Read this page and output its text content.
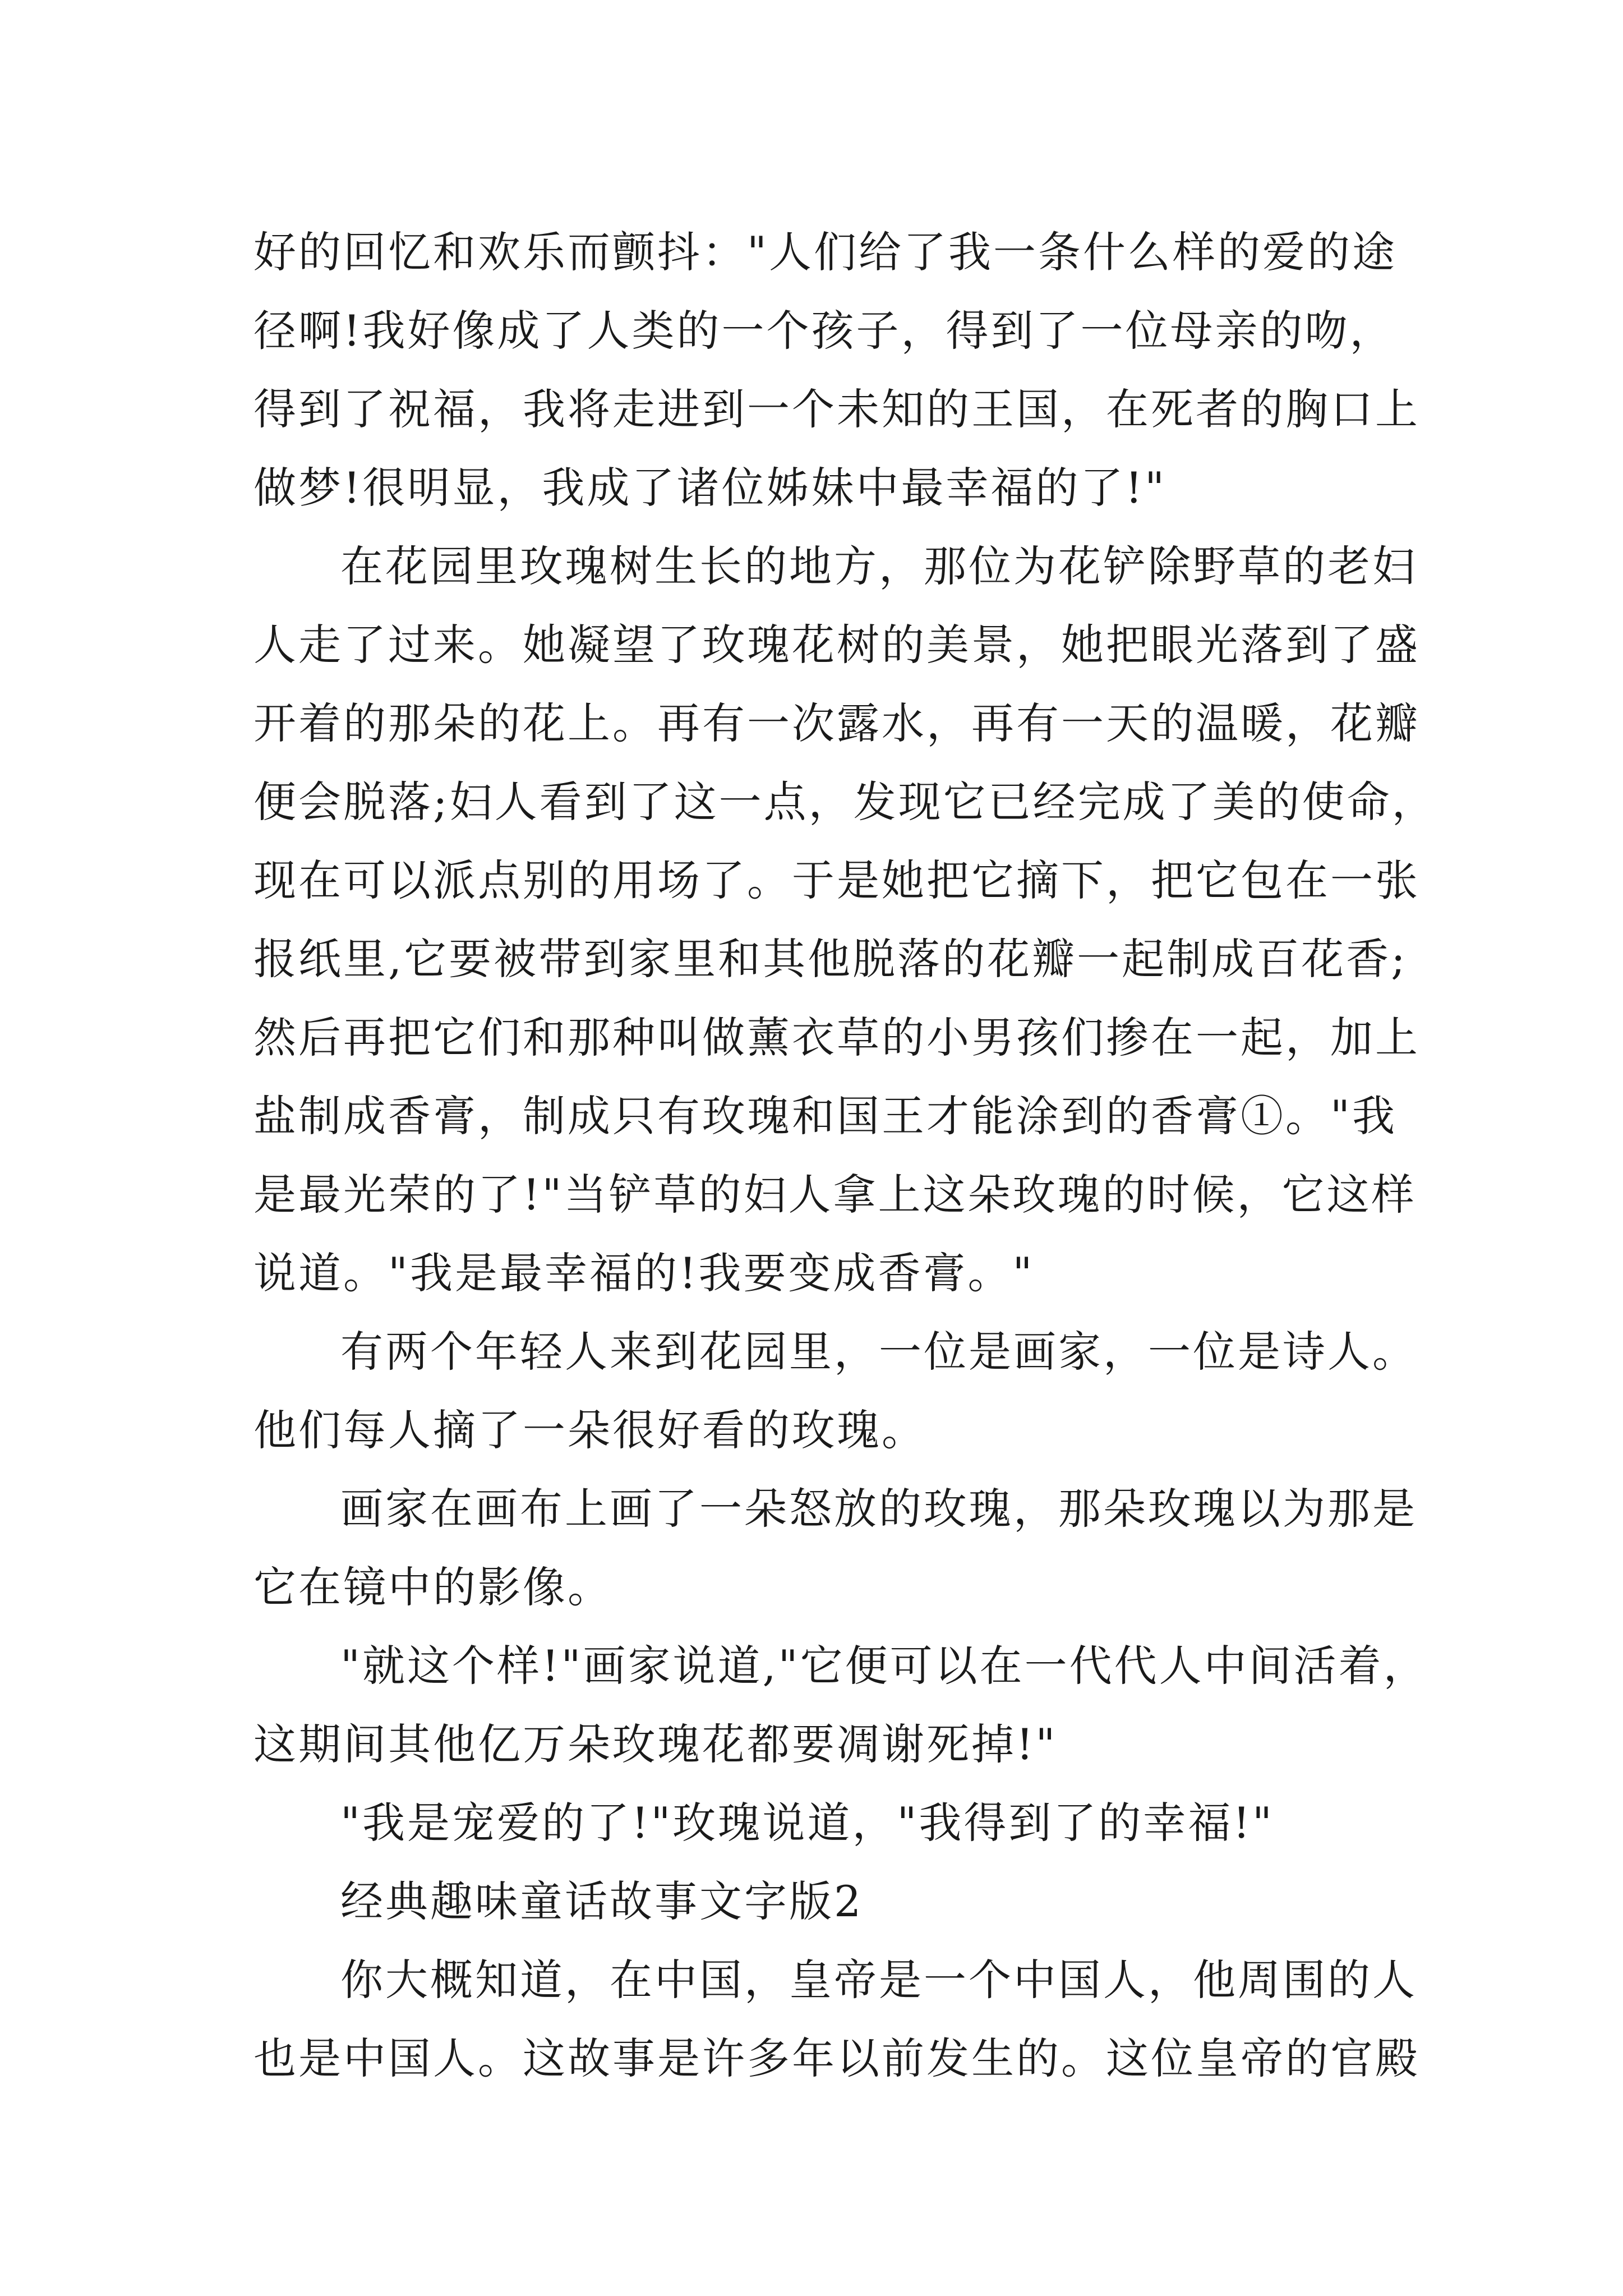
好的回忆和欢乐而颤抖："人们给了我一条什么样的爱的途
径啊!我好像成了人类的一个孩子，得到了一位母亲的吻，
得到了祝福，我将走进到一个未知的王国，在死者的胸口上
做梦!很明显，我成了诸位姊妹中最幸福的了!"
在花园里玫瑰树生长的地方，那位为花铲除野草的老妇
人走了过来。她凝望了玫瑰花树的美景，她把眼光落到了盛
开着的那朵的花上。再有一次露水，再有一天的温暖，花瓣
便会脱落;妇人看到了这一点，发现它已经完成了美的使命，
现在可以派点别的用场了。于是她把它摘下，把它包在一张
报纸里,它要被带到家里和其他脱落的花瓣一起制成百花香;
然后再把它们和那种叫做薰衣草的小男孩们掺在一起，加上
盐制成香膏，制成只有玫瑰和国王才能涂到的香膏①。"我
是最光荣的了!"当铲草的妇人拿上这朵玫瑰的时候，它这样
说道。"我是最幸福的!我要变成香膏。"
有两个年轻人来到花园里，一位是画家，一位是诗人。
他们每人摘了一朵很好看的玫瑰。
画家在画布上画了一朵怒放的玫瑰，那朵玫瑰以为那是
它在镜中的影像。
"就这个样!"画家说道,"它便可以在一代代人中间活着，
这期间其他亿万朵玫瑰花都要凋谢死掉!"
"我是宠爱的了!"玫瑰说道，"我得到了的幸福!"
经典趣味童话故事文字版2
你大概知道，在中国，皇帝是一个中国人，他周围的人
也是中国人。这故事是许多年以前发生的。这位皇帝的官殿
